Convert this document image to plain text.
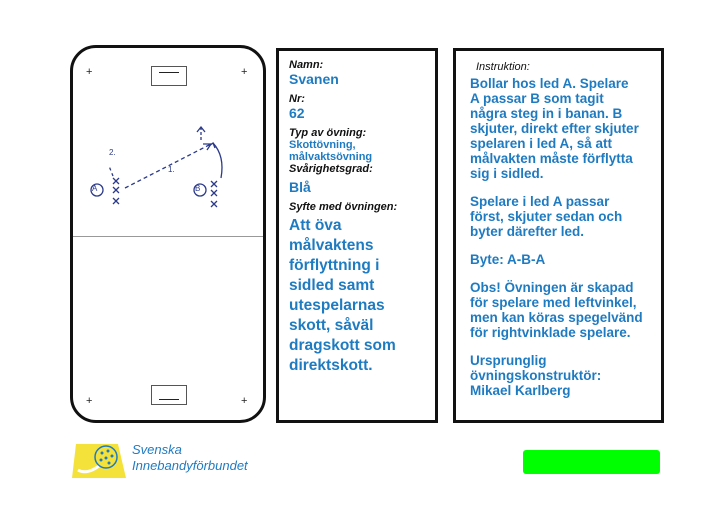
+	+
+	+
A	B
2.
1.
Namn:
Svanen
Nr:
62
Typ av övning:
Skottövning,
målvaktsövning
Svårighetsgrad:
Blå
Syfte med övningen:
Att öva
målvaktens
förflyttning i
sidled samt
utespelarnas
skott, såväl
dragskott som
direktskott.
Instruktion:
Bollar hos led A. Spelare
A passar B som tagit
några steg in i banan. B
skjuter, direkt efter skjuter
spelaren i led A, så att
målvakten måste förflytta
sig i sidled.
Spelare i led A passar
först, skjuter sedan och
byter därefter led.
Byte: A-B-A
Obs! Övningen är skapad
för spelare med leftvinkel,
men kan köras spegelvänd
för rightvinklade spelare.
Ursprunglig
övningskonstruktör:
Mikael Karlberg
Svenska
Innebandyförbundet
